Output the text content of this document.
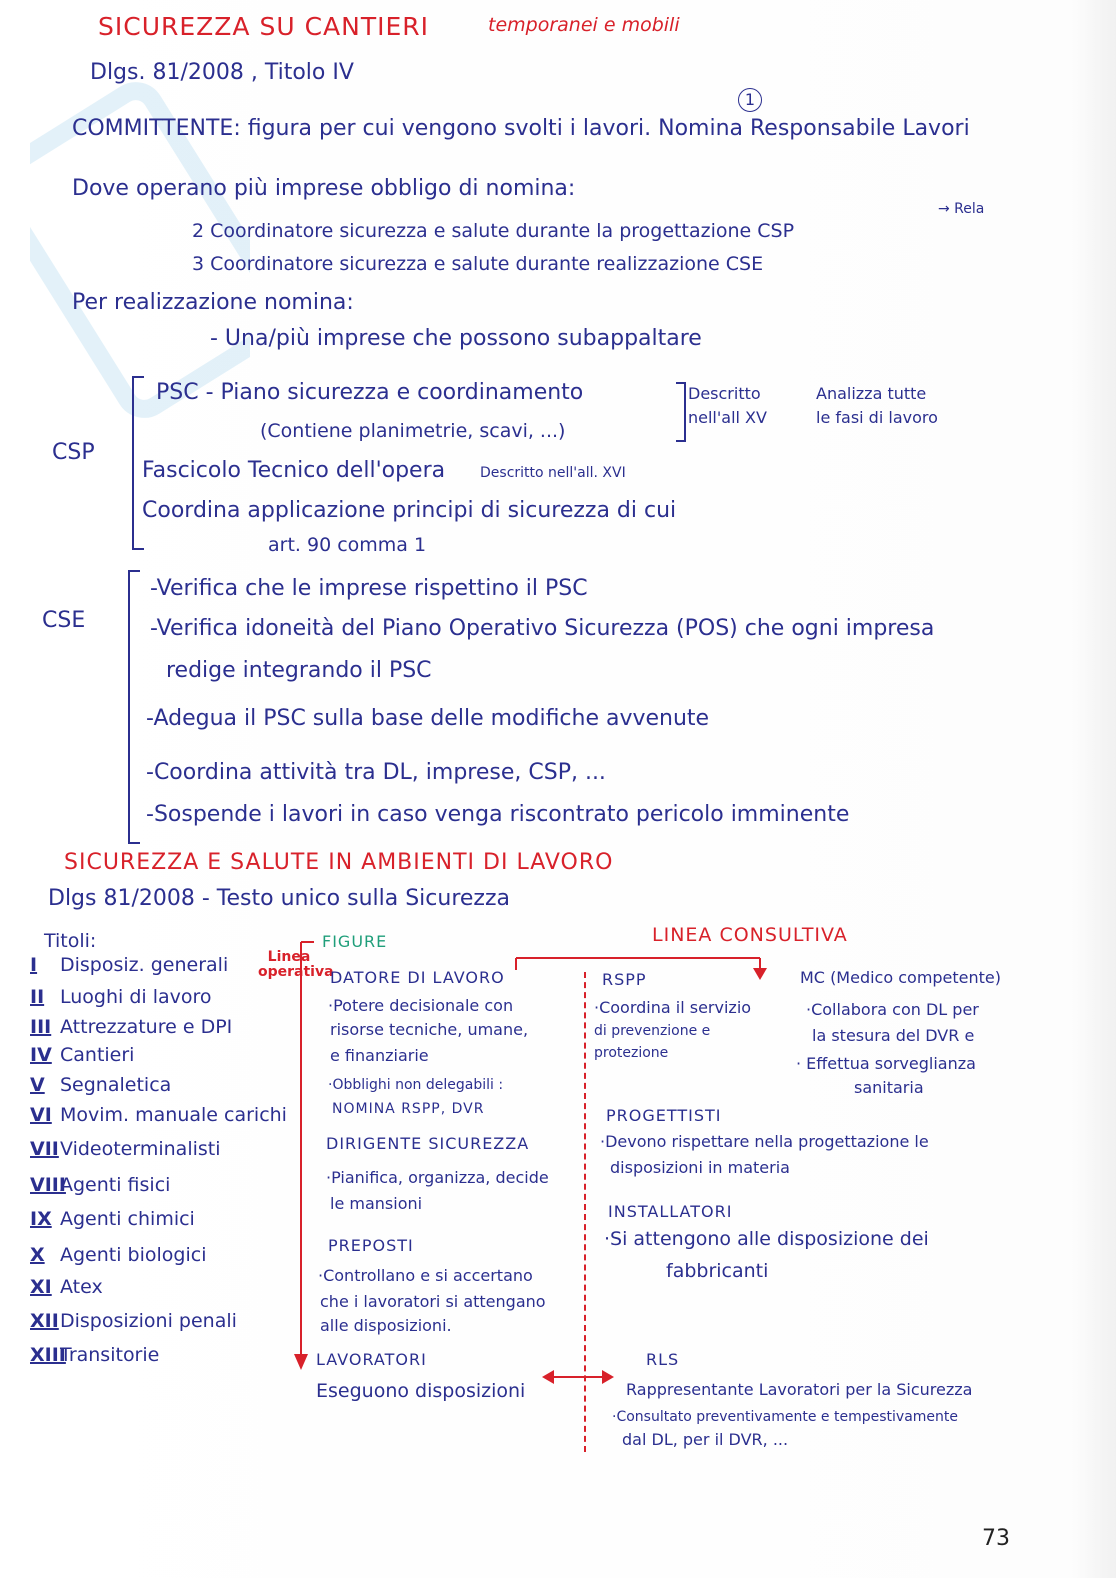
SICUREZZA SU CANTIERI	temporanei e mobili
Dlgs. 81/2008 , Titolo IV
1
COMMITTENTE: figura per cui vengono svolti i lavori. Nomina Responsabile Lavori
Dove operano più imprese obbligo di nomina:
2 Coordinatore sicurezza e salute durante la progettazione CSP
→ Rela
3 Coordinatore sicurezza e salute durante realizzazione CSE
Per realizzazione nomina:
- Una/più imprese che possono subappaltare
CSP
PSC - Piano sicurezza e coordinamento
(Contiene planimetrie, scavi, ...)
Descritto
nell'all XV
Analizza tutte
le fasi di lavoro
Fascicolo Tecnico dell'opera Descritto nell'all. XVI
Coordina applicazione principi di sicurezza di cui
art. 90 comma 1
CSE
-Verifica che le imprese rispettino il PSC
-Verifica idoneità del Piano Operativo Sicurezza (POS) che ogni impresa
redige integrando il PSC
-Adegua il PSC sulla base delle modifiche avvenute
-Coordina attività tra DL, imprese, CSP, ...
-Sospende i lavori in caso venga riscontrato pericolo imminente
SICUREZZA E SALUTE IN AMBIENTI DI LAVORO
Dlgs 81/2008 - Testo unico sulla Sicurezza
Titoli:
I Disposiz. generali
II Luoghi di lavoro
III Attrezzature e DPI
IV Cantieri
V Segnaletica
VI Movim. manuale carichi
VIIVideoterminalisti
VIIIAgenti fisici
IX Agenti chimici
X Agenti biologici
XI Atex
XIIDisposizioni penali
XIIITransitorie
Linea operativa
FIGURE	LINEA CONSULTIVA
DATORE DI LAVORO
·Potere decisionale con
risorse tecniche, umane,
e finanziarie
·Obblighi non delegabili :
NOMINA RSPP, DVR
DIRIGENTE SICUREZZA
·Pianifica, organizza, decide
le mansioni
PREPOSTI
·Controllano e si accertano
che i lavoratori si attengano
alle disposizioni.
LAVORATORI
Eseguono disposizioni
RSPP
·Coordina il servizio
di prevenzione e
protezione
MC (Medico competente)
·Collabora con DL per
la stesura del DVR e
· Effettua sorveglianza
sanitaria
PROGETTISTI
·Devono rispettare nella progettazione le
disposizioni in materia
INSTALLATORI
·Si attengono alle disposizione dei
fabbricanti
RLS
Rappresentante Lavoratori per la Sicurezza
·Consultato preventivamente e tempestivamente
dal DL, per il DVR, ...
73
